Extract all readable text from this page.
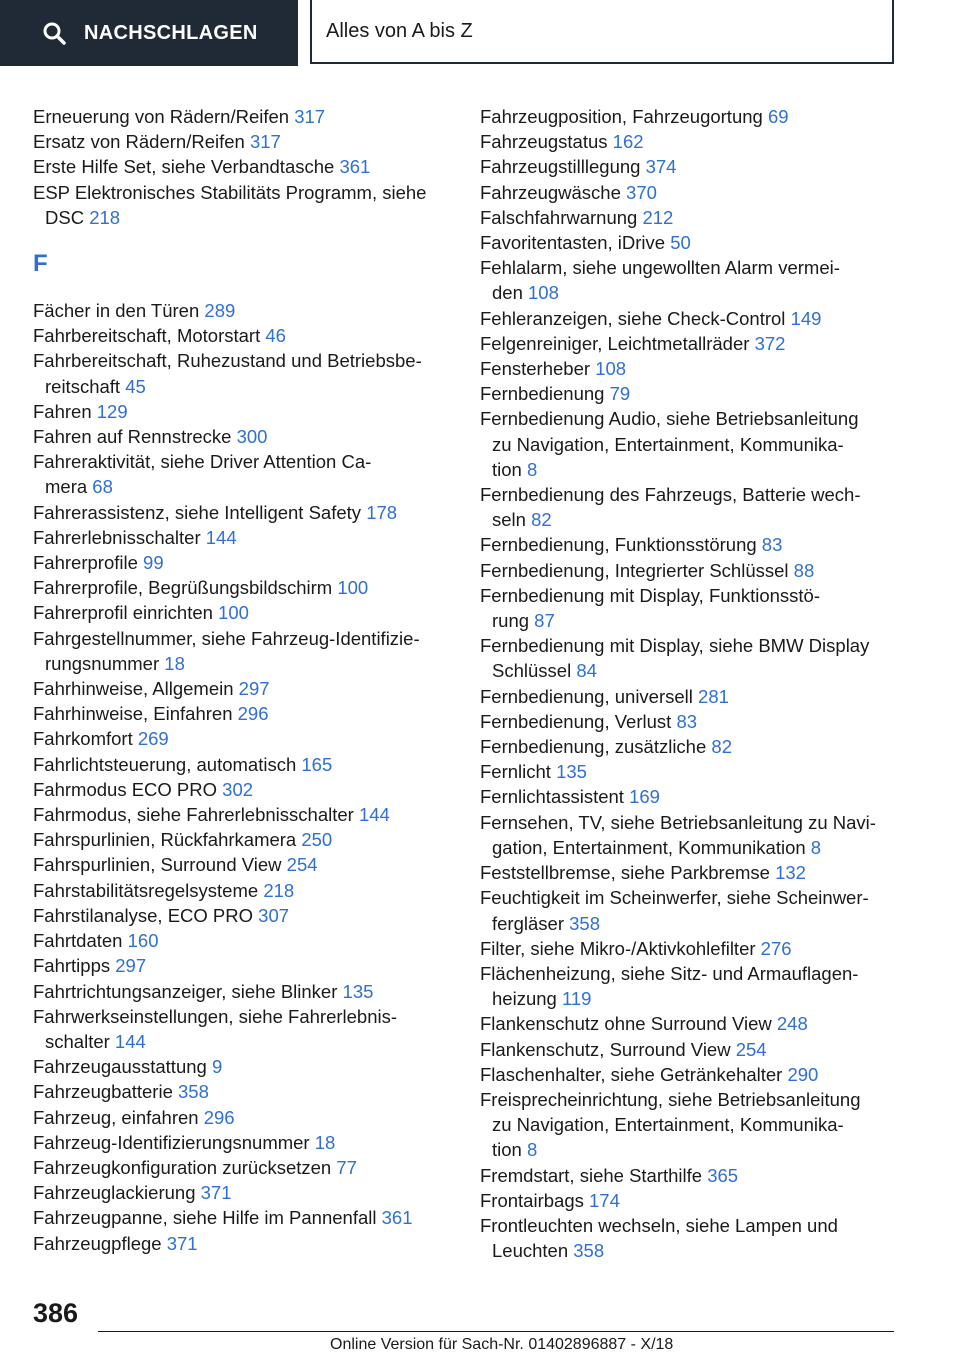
NACHSCHLAGEN	Alles von A bis Z
Erneuerung von Rädern/Reifen 317
Ersatz von Rädern/Reifen 317
Erste Hilfe Set, siehe Verbandtasche 361
ESP Elektronisches Stabilitäts Programm, siehe
DSC 218
F
Fächer in den Türen 289
Fahrbereitschaft, Motorstart 46
Fahrbereitschaft, Ruhezustand und Betriebsbe-
reitschaft 45
Fahren 129
Fahren auf Rennstrecke 300
Fahreraktivität, siehe Driver Attention Ca-
mera 68
Fahrerassistenz, siehe Intelligent Safety 178
Fahrerlebnisschalter 144
Fahrerprofile 99
Fahrerprofile, Begrüßungsbildschirm 100
Fahrerprofil einrichten 100
Fahrgestellnummer, siehe Fahrzeug-Identifizie-
rungsnummer 18
Fahrhinweise, Allgemein 297
Fahrhinweise, Einfahren 296
Fahrkomfort 269
Fahrlichtsteuerung, automatisch 165
Fahrmodus ECO PRO 302
Fahrmodus, siehe Fahrerlebnisschalter 144
Fahrspurlinien, Rückfahrkamera 250
Fahrspurlinien, Surround View 254
Fahrstabilitätsregelsysteme 218
Fahrstilanalyse, ECO PRO 307
Fahrtdaten 160
Fahrtipps 297
Fahrtrichtungsanzeiger, siehe Blinker 135
Fahrwerkseinstellungen, siehe Fahrerlebnis-
schalter 144
Fahrzeugausstattung 9
Fahrzeugbatterie 358
Fahrzeug, einfahren 296
Fahrzeug-Identifizierungsnummer 18
Fahrzeugkonfiguration zurücksetzen 77
Fahrzeuglackierung 371
Fahrzeugpanne, siehe Hilfe im Pannenfall 361
Fahrzeugpflege 371
Fahrzeugposition, Fahrzeugortung 69
Fahrzeugstatus 162
Fahrzeugstilllegung 374
Fahrzeugwäsche 370
Falschfahrwarnung 212
Favoritentasten, iDrive 50
Fehlalarm, siehe ungewollten Alarm vermei-
den 108
Fehleranzeigen, siehe Check-Control 149
Felgenreiniger, Leichtmetallräder 372
Fensterheber 108
Fernbedienung 79
Fernbedienung Audio, siehe Betriebsanleitung
zu Navigation, Entertainment, Kommunika-
tion 8
Fernbedienung des Fahrzeugs, Batterie wech-
seln 82
Fernbedienung, Funktionsstörung 83
Fernbedienung, Integrierter Schlüssel 88
Fernbedienung mit Display, Funktionsstö-
rung 87
Fernbedienung mit Display, siehe BMW Display
Schlüssel 84
Fernbedienung, universell 281
Fernbedienung, Verlust 83
Fernbedienung, zusätzliche 82
Fernlicht 135
Fernlichtassistent 169
Fernsehen, TV, siehe Betriebsanleitung zu Navi-
gation, Entertainment, Kommunikation 8
Feststellbremse, siehe Parkbremse 132
Feuchtigkeit im Scheinwerfer, siehe Scheinwer-
fergläser 358
Filter, siehe Mikro-/Aktivkohlefilter 276
Flächenheizung, siehe Sitz- und Armauflagen-
heizung 119
Flankenschutz ohne Surround View 248
Flankenschutz, Surround View 254
Flaschenhalter, siehe Getränkehalter 290
Freisprecheinrichtung, siehe Betriebsanleitung
zu Navigation, Entertainment, Kommunika-
tion 8
Fremdstart, siehe Starthilfe 365
Frontairbags 174
Frontleuchten wechseln, siehe Lampen und
Leuchten 358
386
Online Version für Sach-Nr. 01402896887 - X/18
